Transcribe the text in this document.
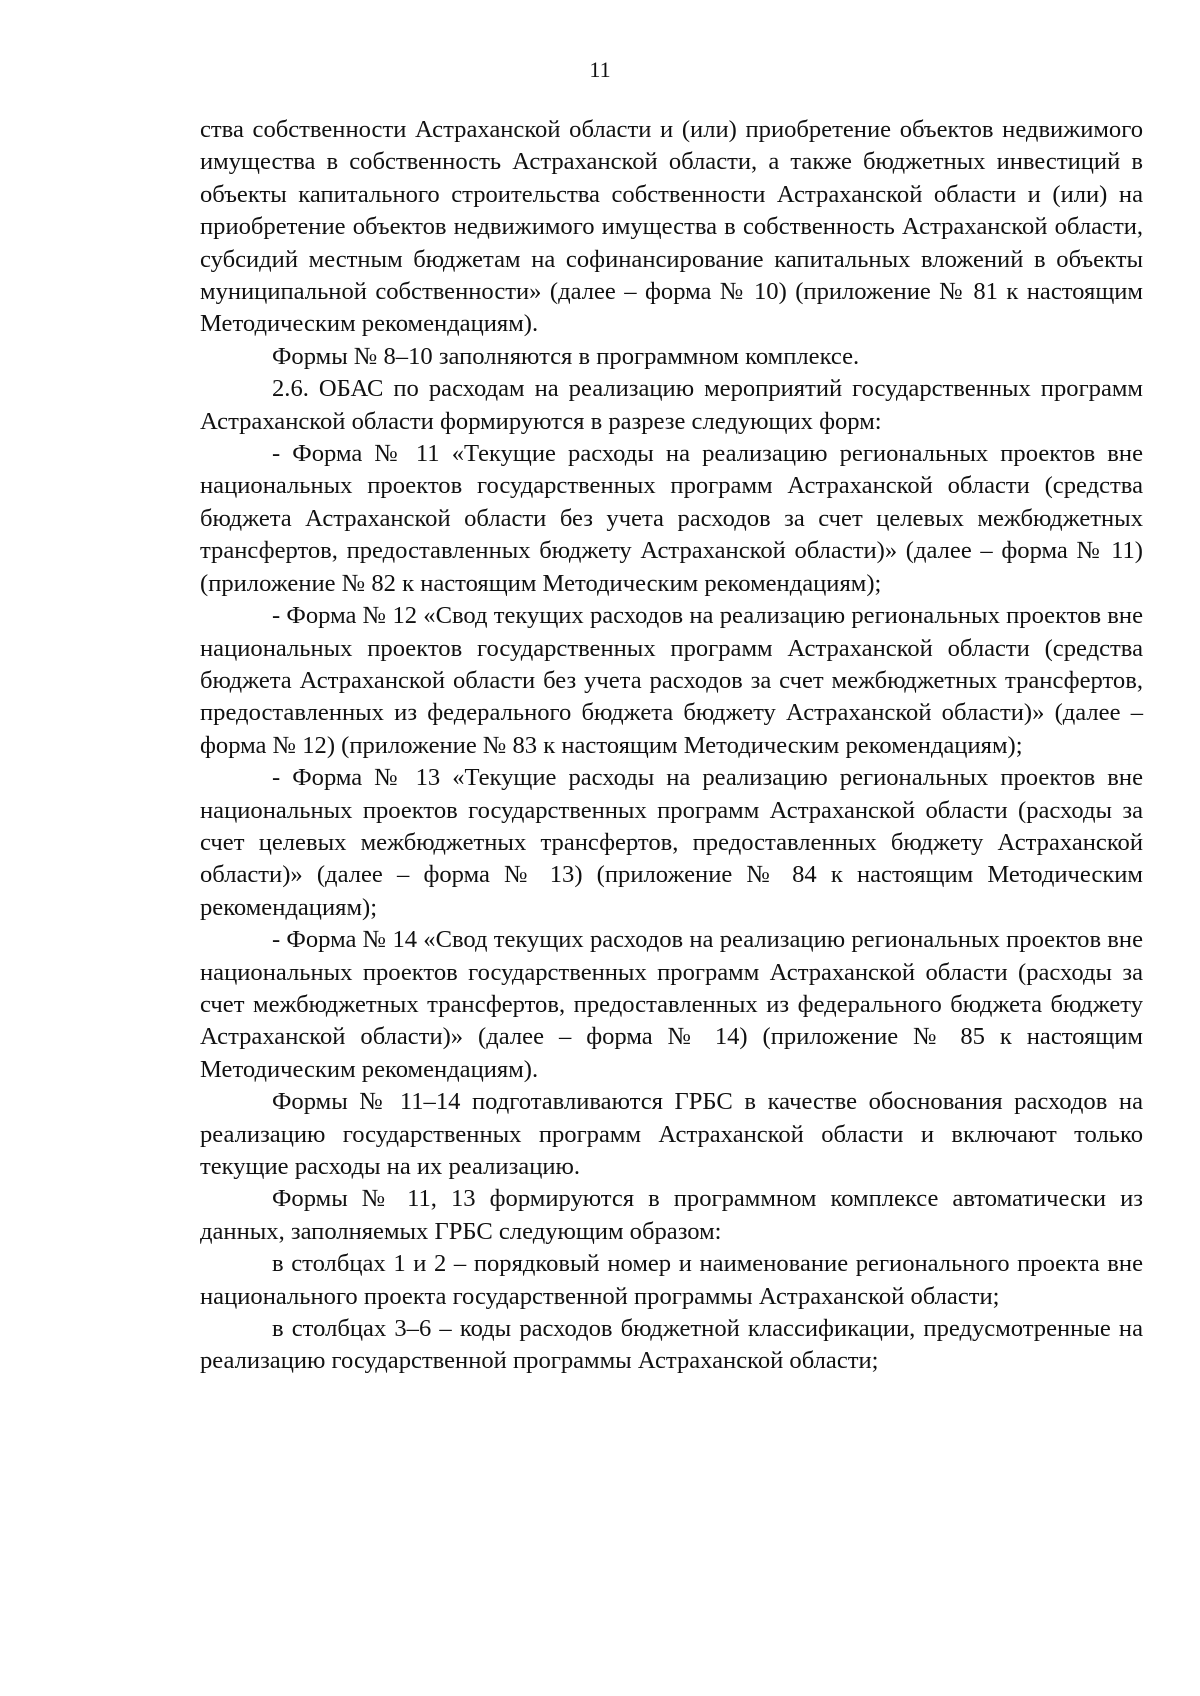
11

ства собственности Астраханской области и (или) приобретение объектов недвижимого имущества в собственность Астраханской области, а также бюджетных инвестиций в объекты капитального строительства собственности Астраханской области и (или) на приобретение объектов недвижимого имущества в собственность Астраханской области, субсидий местным бюджетам на софинансирование капитальных вложений в объекты муниципальной собственности» (далее – форма № 10) (приложение № 81 к настоящим Методическим рекомендациям).

Формы № 8–10 заполняются в программном комплексе.

2.6. ОБАС по расходам на реализацию мероприятий государственных программ Астраханской области формируются в разрезе следующих форм:

- Форма № 11 «Текущие расходы на реализацию региональных проектов вне национальных проектов государственных программ Астраханской области (средства бюджета Астраханской области без учета расходов за счет целевых межбюджетных трансфертов, предоставленных бюджету Астраханской области)» (далее – форма № 11) (приложение № 82 к настоящим Методическим рекомендациям);

- Форма № 12 «Свод текущих расходов на реализацию региональных проектов вне национальных проектов государственных программ Астраханской области (средства бюджета Астраханской области без учета расходов за счет межбюджетных трансфертов, предоставленных из федерального бюджета бюджету Астраханской области)» (далее – форма № 12) (приложение № 83 к настоящим Методическим рекомендациям);

- Форма № 13 «Текущие расходы на реализацию региональных проектов вне национальных проектов государственных программ Астраханской области (расходы за счет целевых межбюджетных трансфертов, предоставленных бюджету Астраханской области)» (далее – форма № 13) (приложение № 84 к настоящим Методическим рекомендациям);

- Форма № 14 «Свод текущих расходов на реализацию региональных проектов вне национальных проектов государственных программ Астраханской области (расходы за счет межбюджетных трансфертов, предоставленных из федерального бюджета бюджету Астраханской области)» (далее – форма № 14) (приложение № 85 к настоящим Методическим рекомендациям).

Формы № 11–14 подготавливаются ГРБС в качестве обоснования расходов на реализацию государственных программ Астраханской области и включают только текущие расходы на их реализацию.

Формы № 11, 13 формируются в программном комплексе автоматически из данных, заполняемых ГРБС следующим образом:

в столбцах 1 и 2 – порядковый номер и наименование регионального проекта вне национального проекта государственной программы Астраханской области;

в столбцах 3–6 – коды расходов бюджетной классификации, предусмотренные на реализацию государственной программы Астраханской области;
